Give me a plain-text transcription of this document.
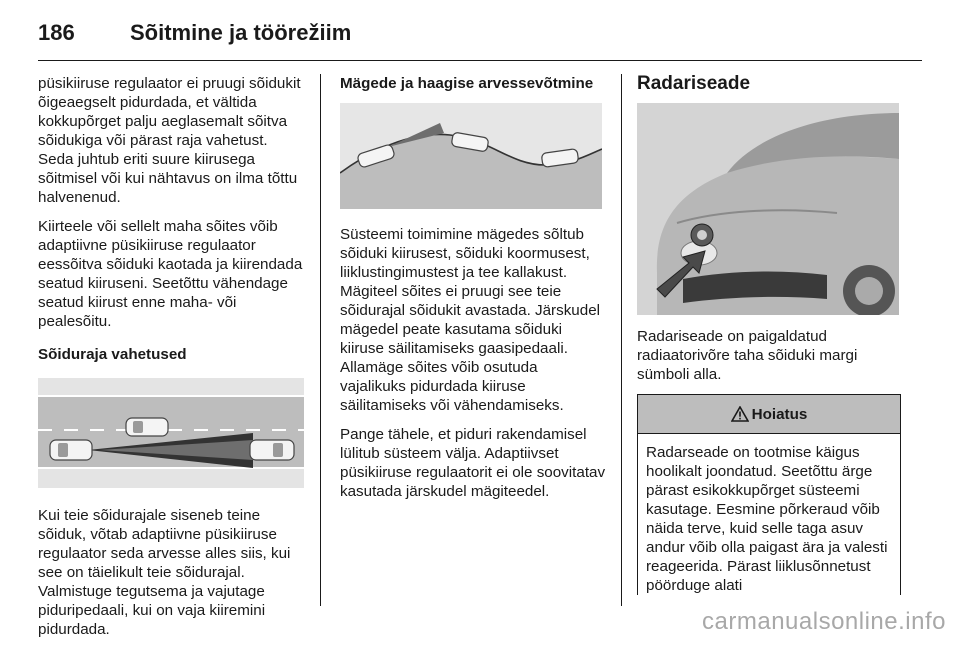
186	Sõitmine ja töörežiim

püsikiiruse regulaator ei pruugi sõidukit õigeaegselt pidurdada, et vältida kokkupõrget palju aeglasemalt sõitva sõidukiga või pärast raja vahetust. Seda juhtub eriti suure kiirusega sõitmisel või kui nähtavus on ilma tõttu halvenenud.

Kiirteele või sellelt maha sõites võib adaptiivne püsikiiruse regulaator eessõitva sõiduki kaotada ja kiirendada seatud kiiruseni. Seetõttu vähendage seatud kiirust enne maha- või pealesõitu.

Sõiduraja vahetused

Kui teie sõidurajale siseneb teine sõiduk, võtab adaptiivne püsikiiruse regulaator seda arvesse alles siis, kui see on täielikult teie sõidurajal. Valmistuge tegutsema ja vajutage piduripedaali, kui on vaja kiiremini pidurdada.

Mägede ja haagise arvessevõtmine

Süsteemi toimimine mägedes sõltub sõiduki kiirusest, sõiduki koormusest, liiklustingimustest ja tee kallakust. Mägiteel sõites ei pruugi see teie sõidurajal sõidukit avastada. Järskudel mägedel peate kasutama sõiduki kiiruse säilitamiseks gaasipedaali. Allamäge sõites võib osutuda vajalikuks pidurdada kiiruse säilitamiseks või vähendamiseks.

Pange tähele, et piduri rakendamisel lülitub süsteem välja. Adaptiivset püsikiiruse regulaatorit ei ole soovitatav kasutada järskudel mägiteedel.

Radariseade

Radariseade on paigaldatud radiaatorivõre taha sõiduki margi sümboli alla.

Hoiatus
Radarseade on tootmise käigus hoolikalt joondatud. Seetõttu ärge pärast esikokkupõrget süsteemi kasutage. Eesmine põrkeraud võib näida terve, kuid selle taga asuv andur võib olla paigast ära ja valesti reageerida. Pärast liiklusõnnetust pöörduge alati
carmanualsonline.info
